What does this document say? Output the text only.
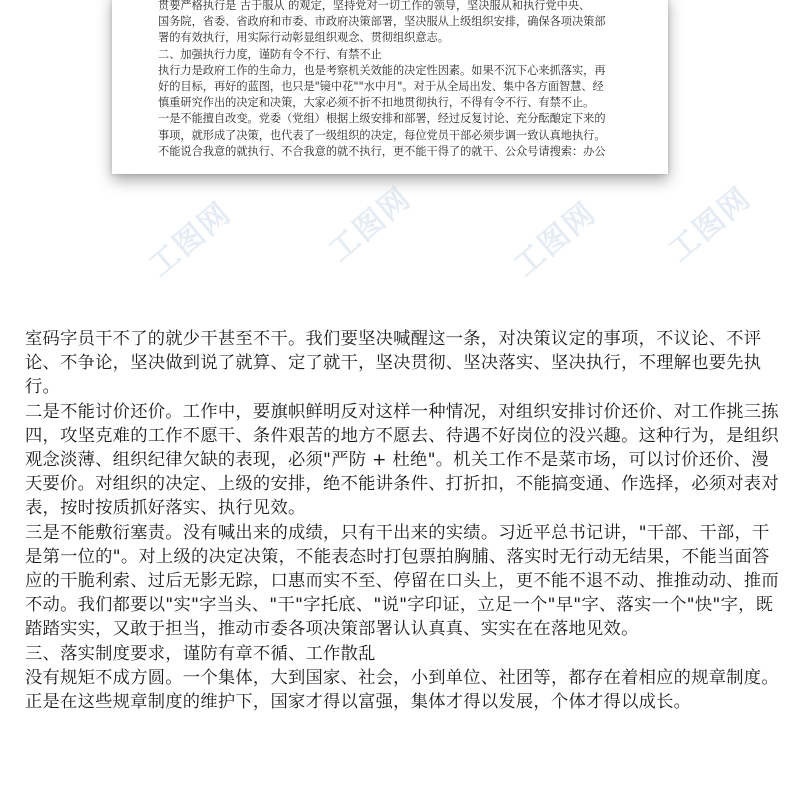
贯要严格执行是 古于服从 的观定，坚持党对一切工作的领导，坚决服从和执行党中央、
国务院，省委、省政府和市委、市政府决策部署，坚决服从上级组织安排，确保各项决策部
署的有效执行，用实际行动彰显组织观念、贯彻组织意志。
二、加强执行力度，谨防有令不行、有禁不止
执行力是政府工作的生命力，也是考察机关效能的决定性因素。如果不沉下心来抓落实，再
好的目标，再好的蓝图，也只是"镜中花""水中月"。对于从全局出发、集中各方面智慧、经
慎重研究作出的决定和决策，大家必须不折不扣地贯彻执行，不得有令不行、有禁不止。
一是不能擅自改变。党委（党组）根据上级安排和部署，经过反复讨论、充分酝酿定下来的
事项，就形成了决策，也代表了一级组织的决定，每位党员干部必须步调一致认真地执行。
不能说合我意的就执行、不合我意的就不执行，更不能干得了的就干、公众号请搜索：办公
工图网	工图网	工图网 工图网

室码字员干不了的就少干甚至不干。我们要坚决喊醒这一条，对决策议定的事项，不议论、不评论、不争论，坚决做到说了就算、定了就干，坚决贯彻、坚决落实、坚决执行，不理解也要先执行。

二是不能讨价还价。工作中，要旗帜鲜明反对这样一种情况，对组织安排讨价还价、对工作挑三拣四，攻坚克难的工作不愿干、条件艰苦的地方不愿去、待遇不好岗位的没兴趣。这种行为，是组织观念淡薄、组织纪律欠缺的表现，必须"严防 + 杜绝"。机关工作不是菜市场，可以讨价还价、漫天要价。对组织的决定、上级的安排，绝不能讲条件、打折扣，不能搞变通、作选择，必须对表对表，按时按质抓好落实、执行见效。

三是不能敷衍塞责。没有喊出来的成绩，只有干出来的实绩。习近平总书记讲，"干部、干部，干是第一位的"。对上级的决定决策，不能表态时打包票拍胸脯、落实时无行动无结果，不能当面答应的干脆利索、过后无影无踪，口惠而实不至、停留在口头上，更不能不退不动、推推动动、推而不动。我们都要以"实"字当头、"干"字托底、"说"字印证，立足一个"早"字、落实一个"快"字，既踏踏实实，又敢于担当，推动市委各项决策部署认认真真、实实在在落地见效。

三、落实制度要求，谨防有章不循、工作散乱

没有规矩不成方圆。一个集体，大到国家、社会，小到单位、社团等，都存在着相应的规章制度。正是在这些规章制度的维护下，国家才得以富强，集体才得以发展，个体才得以成长。
